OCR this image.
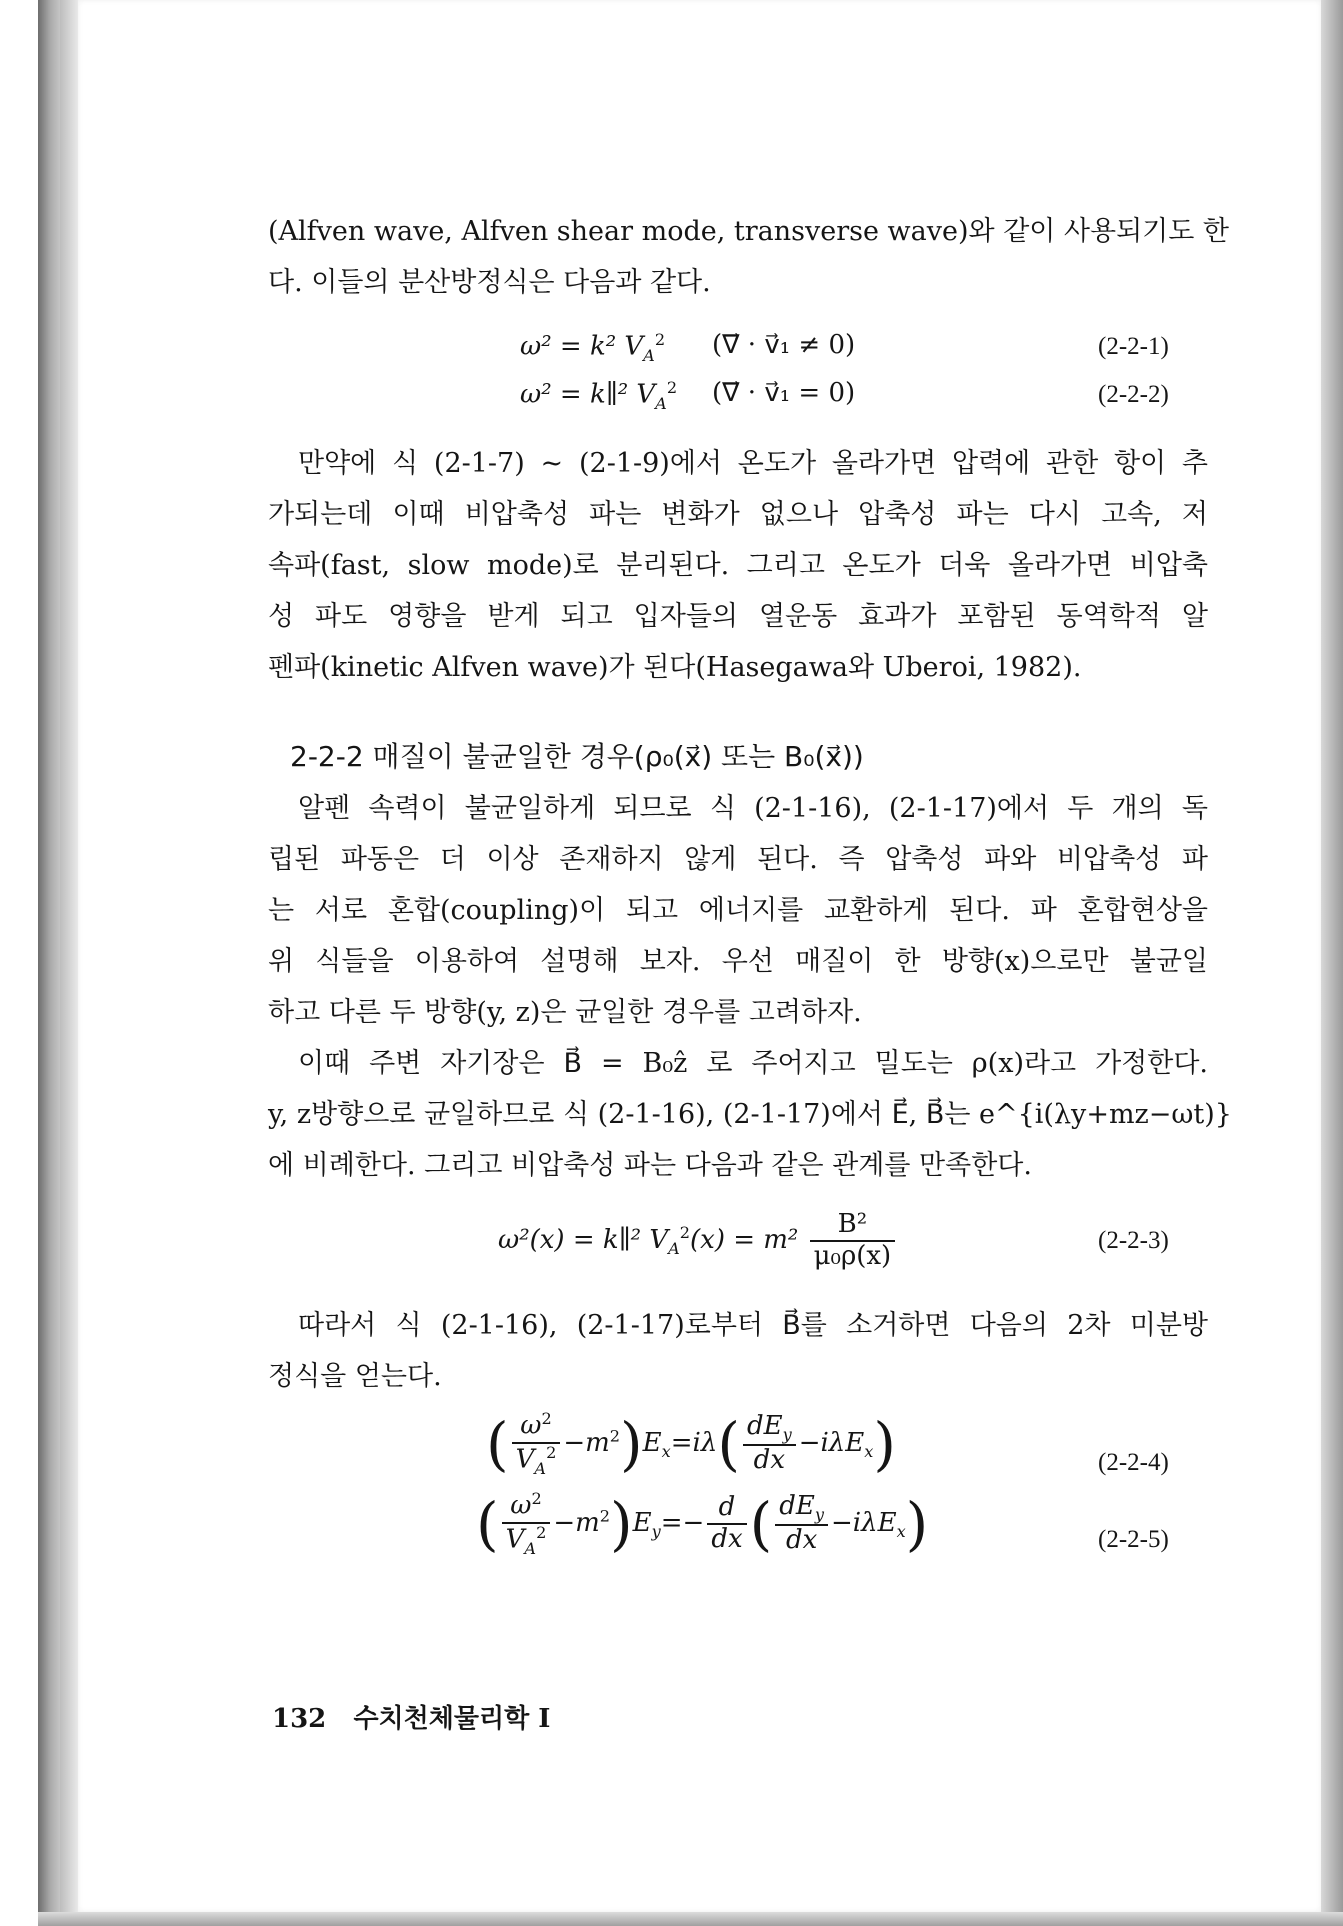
(Alfven wave, Alfven shear mode, transverse wave)와 같이 사용되기도 한
다. 이들의 분산방정식은 다음과 같다.
ω² = k² $V_A^2$ (∇⃗ · v⃗₁ ≠ 0)	(2-2-1)
ω² = k∥² $V_A^2$ (∇⃗ · v⃗₁ = 0)	(2-2-2)
만약에 식 (2-1-7) ~ (2-1-9)에서 온도가 올라가면 압력에 관한 항이 추
가되는데 이때 비압축성 파는 변화가 없으나 압축성 파는 다시 고속, 저
속파(fast, slow mode)로 분리된다. 그리고 온도가 더욱 올라가면 비압축
성 파도 영향을 받게 되고 입자들의 열운동 효과가 포함된 동역학적 알
펜파(kinetic Alfven wave)가 된다(Hasegawa와 Uberoi, 1982).
2-2-2 매질이 불균일한 경우(ρ₀(x⃗) 또는 B₀(x⃗))
알펜 속력이 불균일하게 되므로 식 (2-1-16), (2-1-17)에서 두 개의 독
립된 파동은 더 이상 존재하지 않게 된다. 즉 압축성 파와 비압축성 파
는 서로 혼합(coupling)이 되고 에너지를 교환하게 된다. 파 혼합현상을
위 식들을 이용하여 설명해 보자. 우선 매질이 한 방향(x)으로만 불균일
하고 다른 두 방향(y, z)은 균일한 경우를 고려하자.
이때 주변 자기장은 B⃗ = B₀ẑ 로 주어지고 밀도는 ρ(x)라고 가정한다.
y, z방향으로 균일하므로 식 (2-1-16), (2-1-17)에서 E⃗, B⃗는 e^{i(λy+mz−ωt)}
에 비례한다. 그리고 비압축성 파는 다음과 같은 관계를 만족한다.
ω²(x) = k∥² $V_A^2(x) = m^2 \frac{\text{B²}}{\text{μ₀ρ(x)}}$	(2-2-3)
따라서 식 (2-1-16), (2-1-17)로부터 B⃗를 소거하면 다음의 2차 미분방
정식을 얻는다.
( $\frac{\omega^2}{V_A^2} -m^2)E_x=i\lambda( \frac{dE_y}{dx} -i\lambda E_x)$	(2-2-4)
( $\frac{\omega^2}{V_A^2} -m^2)E_y=- \frac{d}{dx}$ ( $\frac{dE_y}{dx} -i\lambda E_x$)	(2-2-5)
132 수치천체물리학 I
